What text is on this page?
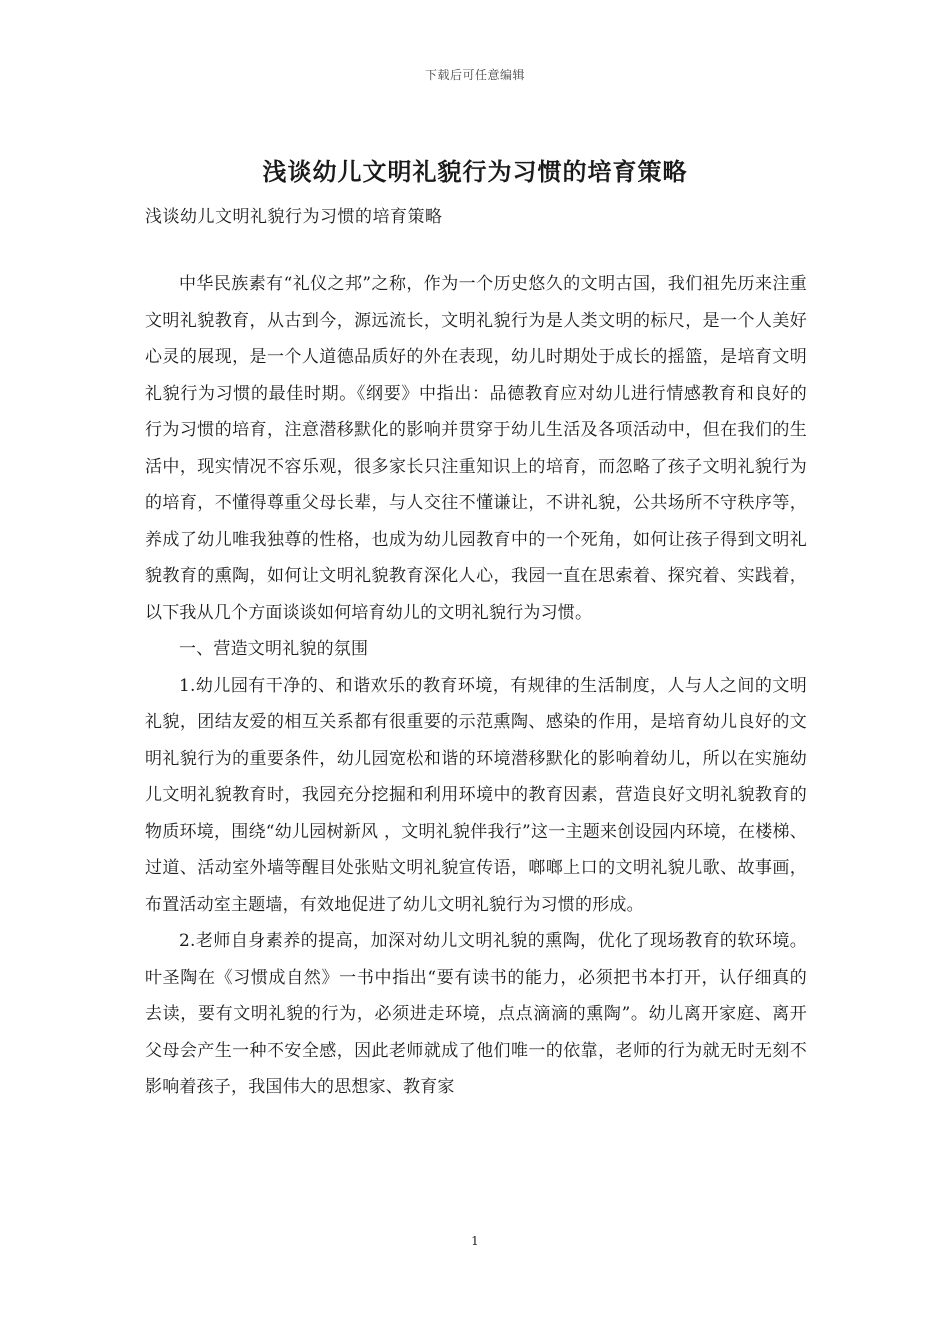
下载后可任意编辑
浅谈幼儿文明礼貌行为习惯的培育策略

浅谈幼儿文明礼貌行为习惯的培育策略

中华民族素有“礼仪之邦”之称，作为一个历史悠久的文明古国，我们祖先历来注重文明礼貌教育，从古到今，源远流长，文明礼貌行为是人类文明的标尺，是一个人美好心灵的展现，是一个人道德品质好的外在表现，幼儿时期处于成长的摇篮，是培育文明礼貌行为习惯的最佳时期。《纲要》中指出：品德教育应对幼儿进行情感教育和良好的行为习惯的培育，注意潜移默化的影响并贯穿于幼儿生活及各项活动中，但在我们的生活中，现实情况不容乐观，很多家长只注重知识上的培育，而忽略了孩子文明礼貌行为的培育，不懂得尊重父母长辈，与人交往不懂谦让，不讲礼貌，公共场所不守秩序等，养成了幼儿唯我独尊的性格，也成为幼儿园教育中的一个死角，如何让孩子得到文明礼貌教育的熏陶，如何让文明礼貌教育深化人心，我园一直在思索着、探究着、实践着，以下我从几个方面谈谈如何培育幼儿的文明礼貌行为习惯。

一、营造文明礼貌的氛围

1.幼儿园有干净的、和谐欢乐的教育环境，有规律的生活制度，人与人之间的文明礼貌，团结友爱的相互关系都有很重要的示范熏陶、感染的作用，是培育幼儿良好的文明礼貌行为的重要条件，幼儿园宽松和谐的环境潜移默化的影响着幼儿，所以在实施幼儿文明礼貌教育时，我园充分挖掘和利用环境中的教育因素，营造良好文明礼貌教育的物质环境，围绕“幼儿园树新风 ，文明礼貌伴我行”这一主题来创设园内环境，在楼梯、过道、活动室外墙等醒目处张贴文明礼貌宣传语，啷啷上口的文明礼貌儿歌、故事画，布置活动室主题墙，有效地促进了幼儿文明礼貌行为习惯的形成。

2.老师自身素养的提高，加深对幼儿文明礼貌的熏陶，优化了现场教育的软环境。叶圣陶在《习惯成自然》一书中指出“要有读书的能力，必须把书本打开，认仔细真的去读，要有文明礼貌的行为，必须进走环境，点点滴滴的熏陶”。幼儿离开家庭、离开父母会产生一种不安全感，因此老师就成了他们唯一的依靠，老师的行为就无时无刻不影响着孩子，我国伟大的思想家、教育家

1
